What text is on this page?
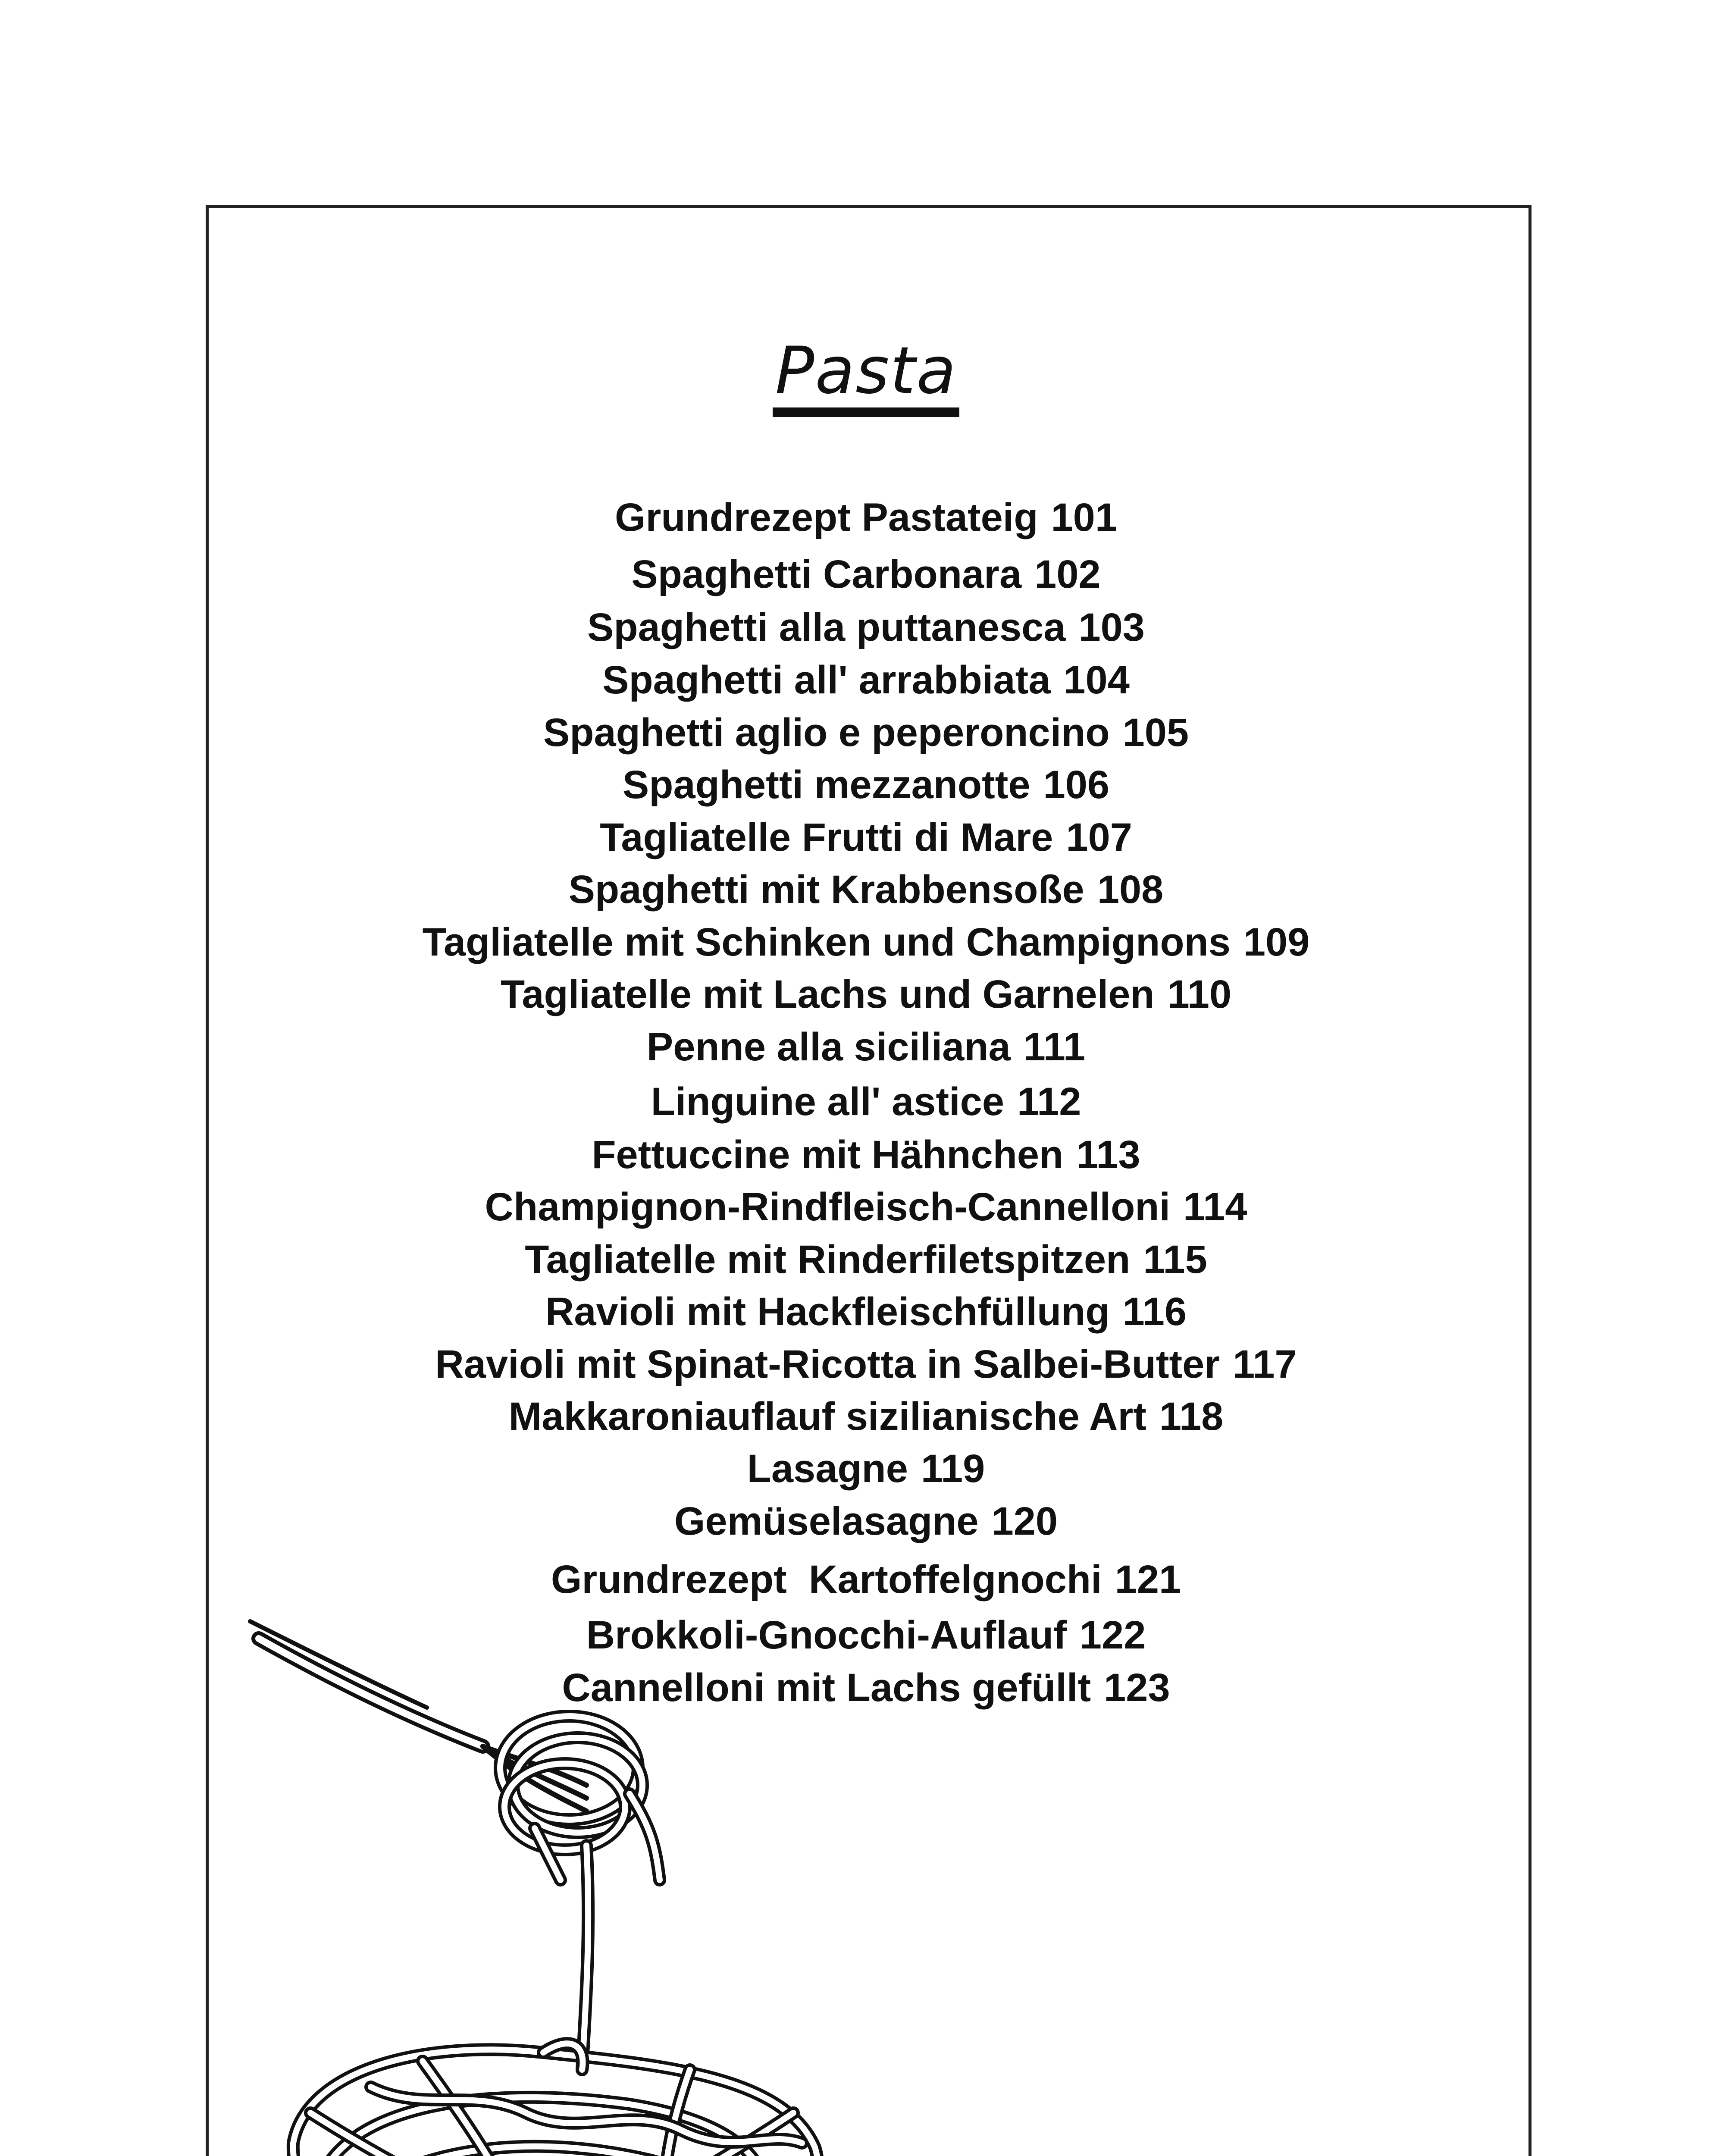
Pasta
Grundrezept Pastateig 101
Spaghetti Carbonara 102
Spaghetti alla puttanesca 103
Spaghetti all' arrabbiata 104
Spaghetti aglio e peperoncino 105
Spaghetti mezzanotte 106
Tagliatelle Frutti di Mare 107
Spaghetti mit Krabbensoße 108
Tagliatelle mit Schinken und Champignons 109
Tagliatelle mit Lachs und Garnelen 110
Penne alla siciliana 111
Linguine all' astice 112
Fettuccine mit Hähnchen 113
Champignon-Rindfleisch-Cannelloni 114
Tagliatelle mit Rinderfiletspitzen 115
Ravioli mit Hackfleischfüllung 116
Ravioli mit Spinat-Ricotta in Salbei-Butter 117
Makkaroniauflauf sizilianische Art 118
Lasagne 119
Gemüselasagne 120
Grundrezept  Kartoffelgnochi 121
Brokkoli-Gnocchi-Auflauf 122
Cannelloni mit Lachs gefüllt 123
